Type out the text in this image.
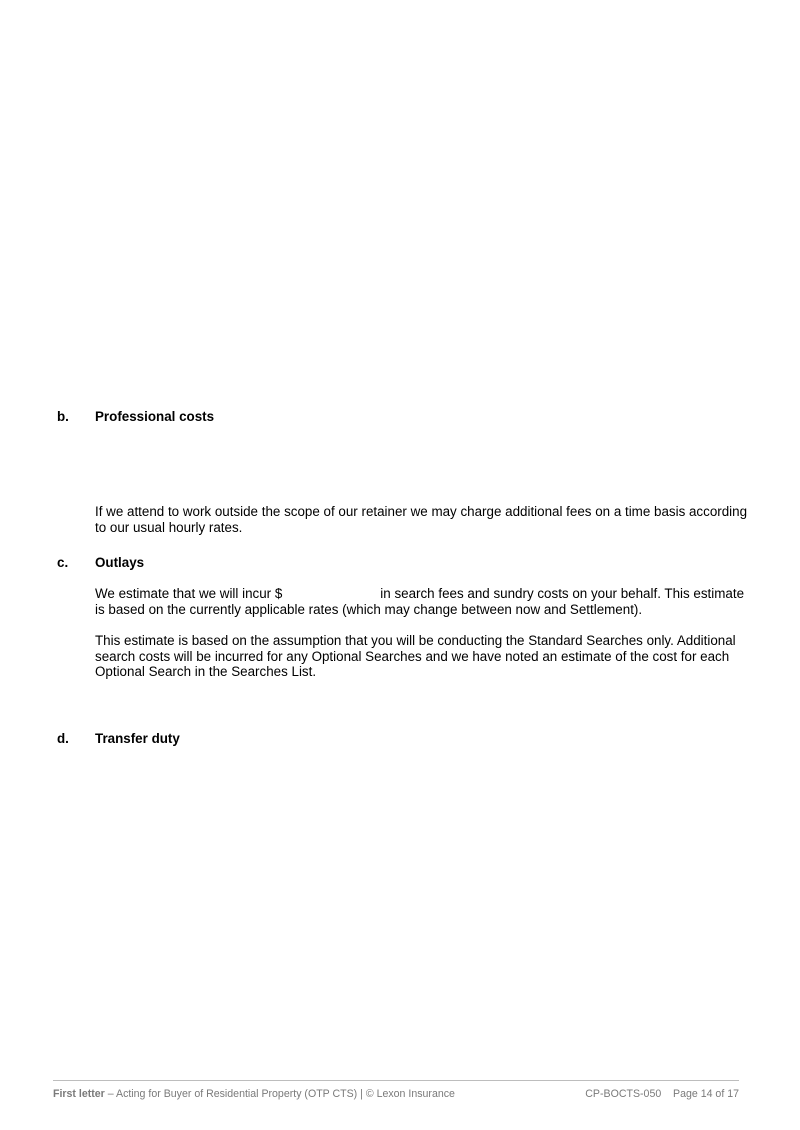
b. Professional costs
If we attend to work outside the scope of our retainer we may charge additional fees on a time basis according to our usual hourly rates.
c. Outlays
We estimate that we will incur $	in search fees and sundry costs on your behalf. This estimate is based on the currently applicable rates (which may change between now and Settlement).
This estimate is based on the assumption that you will be conducting the Standard Searches only. Additional search costs will be incurred for any Optional Searches and we have noted an estimate of the cost for each Optional Search in the Searches List.
d. Transfer duty
First letter – Acting for Buyer of Residential Property (OTP CTS) | © Lexon Insurance	CP-BOCTS-050 Page 14 of 17
